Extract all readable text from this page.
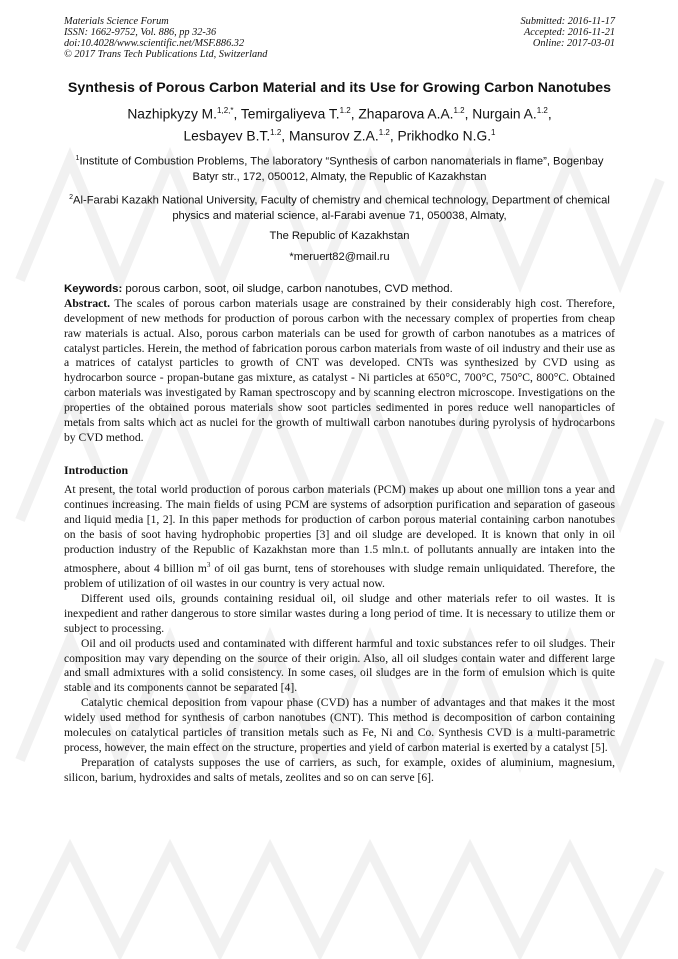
Materials Science Forum
ISSN: 1662-9752, Vol. 886, pp 32-36
doi:10.4028/www.scientific.net/MSF.886.32
© 2017 Trans Tech Publications Ltd, Switzerland
Submitted: 2016-11-17
Accepted: 2016-11-21
Online: 2017-03-01
Synthesis of Porous Carbon Material and its Use for Growing Carbon Nanotubes
Nazhipkyzy M.$^{1,2,*}$, Temirgaliyeva T.$^{1.2}$, Zhaparova A.A.$^{1.2}$, Nurgain A.$^{1.2}$,
Lesbayev B.T.$^{1.2}$, Mansurov Z.A.$^{1.2}$, Prikhodko N.G.$^1$
$^1$Institute of Combustion Problems, The laboratory “Synthesis of carbon nanomaterials in flame”, Bogenbay Batyr str., 172, 050012, Almaty, the Republic of Kazakhstan
$^2$Al-Farabi Kazakh National University, Faculty of chemistry and chemical technology, Department of chemical physics and material science, al-Farabi avenue 71, 050038, Almaty,
The Republic of Kazakhstan
*meruert82@mail.ru
Keywords: porous carbon, soot, oil sludge, carbon nanotubes, CVD method.

Abstract. The scales of porous carbon materials usage are constrained by their considerably high cost. Therefore, development of new methods for production of porous carbon with the necessary complex of properties from cheap raw materials is actual. Also, porous carbon materials can be used for growth of carbon nanotubes as a matrices of catalyst particles. Herein, the method of fabrication porous carbon materials from waste of oil industry and their use as a matrices of catalyst particles to growth of CNT was developed. CNTs was synthesized by CVD using as hydrocarbon source - propan-butane gas mixture, as catalyst - Ni particles at 650°C, 700°C, 750°C, 800°C. Obtained carbon materials was investigated by Raman spectroscopy and by scanning electron microscope. Investigations on the properties of the obtained porous materials show soot particles sedimented in pores reduce well nanoparticles of metals from salts which act as nuclei for the growth of multiwall carbon nanotubes during pyrolysis of hydrocarbons by CVD method.

Introduction

At present, the total world production of porous carbon materials (PCM) makes up about one million tons a year and continues increasing. The main fields of using PCM are systems of adsorption purification and separation of gaseous and liquid media [1, 2]. In this paper methods for production of carbon porous material containing carbon nanotubes on the basis of soot having hydrophobic properties [3] and oil sludge are developed. It is known that only in oil production industry of the Republic of Kazakhstan more than 1.5 mln.t. of pollutants annually are intaken into the atmosphere, about 4 billion $m^3$ of oil gas burnt, tens of storehouses with sludge remain unliquidated. Therefore, the problem of utilization of oil wastes in our country is very actual now.

Different used oils, grounds containing residual oil, oil sludge and other materials refer to oil wastes. It is inexpedient and rather dangerous to store similar wastes during a long period of time. It is necessary to utilize them or subject to processing.

Oil and oil products used and contaminated with different harmful and toxic substances refer to oil sludges. Their composition may vary depending on the source of their origin. Also, all oil sludges contain water and different large and small admixtures with a solid consistency. In some cases, oil sludges are in the form of emulsion which is quite stable and its components cannot be separated [4].

Catalytic chemical deposition from vapour phase (CVD) has a number of advantages and that makes it the most widely used method for synthesis of carbon nanotubes (CNT). This method is decomposition of carbon containing molecules on catalytical particles of transition metals such as Fe, Ni and Co. Synthesis CVD is a multi-parametric process, however, the main effect on the structure, properties and yield of carbon material is exerted by a catalyst [5].

Preparation of catalysts supposes the use of carriers, as such, for example, oxides of aluminium, magnesium, silicon, barium, hydroxides and salts of metals, zeolites and so on can serve [6].
